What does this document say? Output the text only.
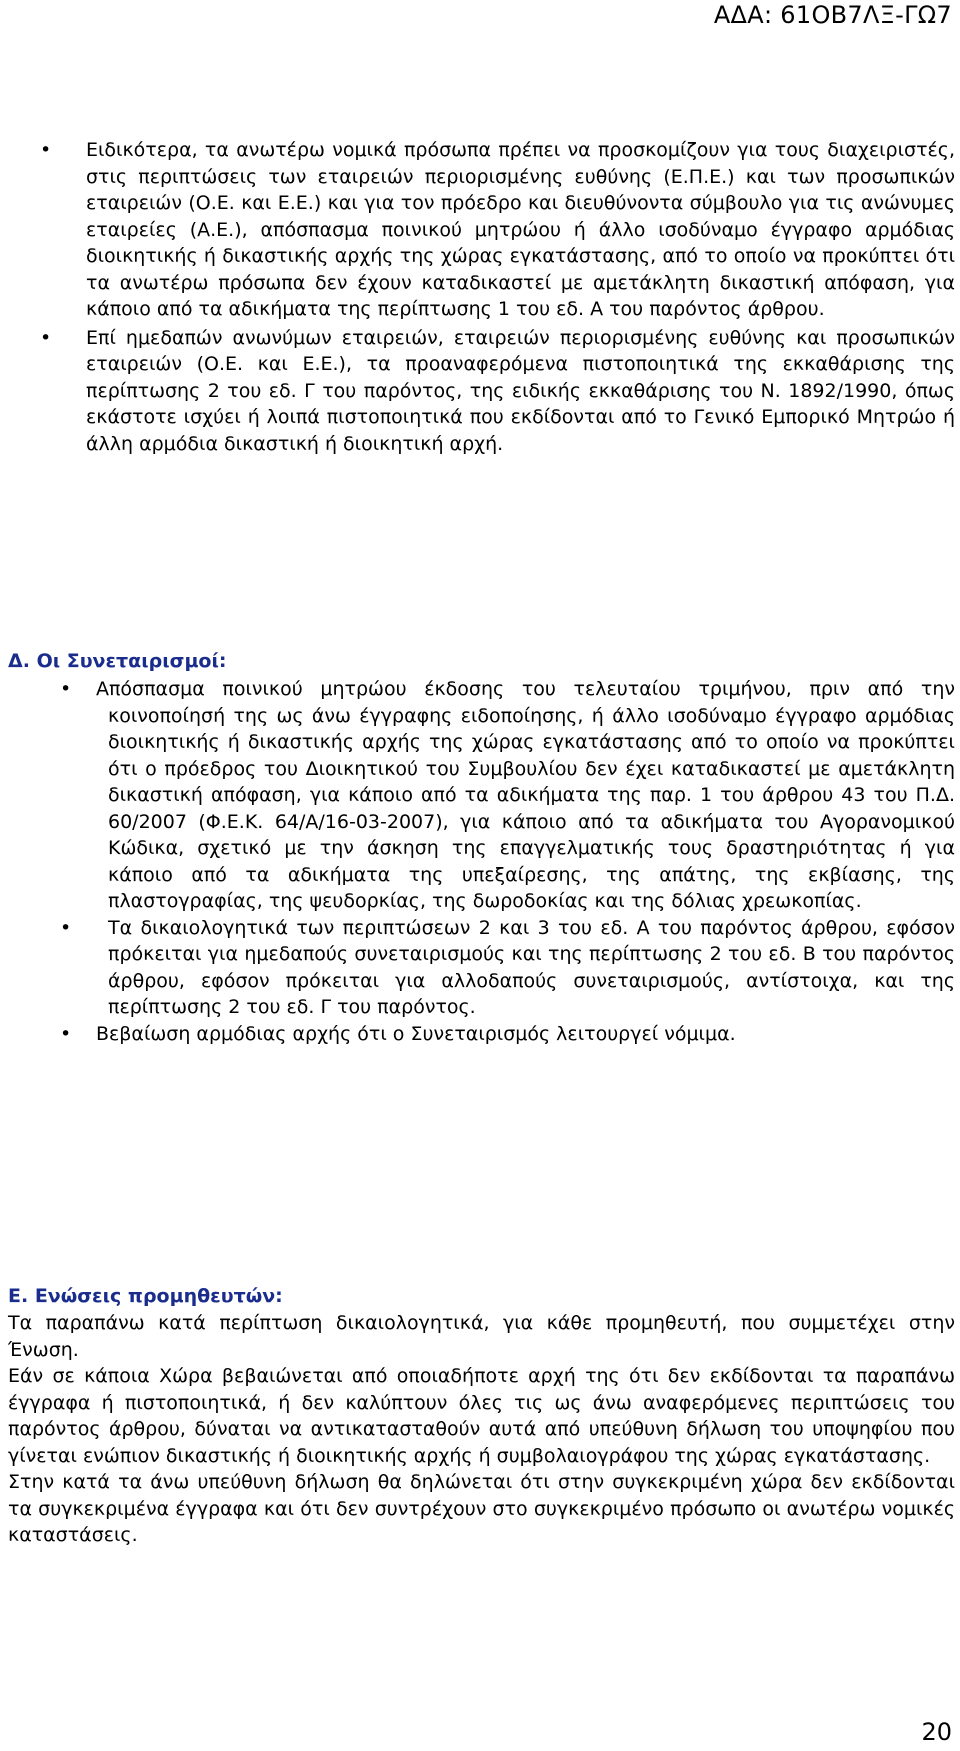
ΑΔΑ: 61ΟΒ7ΛΞ-ΓΩ7
• Ειδικότερα, τα ανωτέρω νομικά πρόσωπα πρέπει να προσκομίζουν για τους διαχειριστές, στις περιπτώσεις των εταιρειών περιορισμένης ευθύνης (Ε.Π.Ε.) και των προσωπικών εταιρειών (Ο.Ε. και Ε.Ε.) και για τον πρόεδρο και διευθύνοντα σύμβουλο για τις ανώνυμες εταιρείες (Α.Ε.), απόσπασμα ποινικού μητρώου ή άλλο ισοδύναμο έγγραφο αρμόδιας διοικητικής ή δικαστικής αρχής της χώρας εγκατάστασης, από το οποίο να προκύπτει ότι τα ανωτέρω πρόσωπα δεν έχουν καταδικαστεί με αμετάκλητη δικαστική απόφαση, για κάποιο από τα αδικήματα της περίπτωσης 1 του εδ. Α του παρόντος άρθρου.
• Επί ημεδαπών ανωνύμων εταιρειών, εταιρειών περιορισμένης ευθύνης και προσωπικών εταιρειών (Ο.Ε. και Ε.Ε.), τα προαναφερόμενα πιστοποιητικά της εκκαθάρισης της περίπτωσης 2 του εδ. Γ του παρόντος, της ειδικής εκκαθάρισης του Ν. 1892/1990, όπως εκάστοτε ισχύει ή λοιπά πιστοποιητικά που εκδίδονται από το Γενικό Εμπορικό Μητρώο ή άλλη αρμόδια δικαστική ή διοικητική αρχή.
Δ. Οι Συνεταιρισμοί:
• Απόσπασμα ποινικού μητρώου έκδοσης του τελευταίου τριμήνου, πριν από την κοινοποίησή της ως άνω έγγραφης ειδοποίησης, ή άλλο ισοδύναμο έγγραφο αρμόδιας διοικητικής ή δικαστικής αρχής της χώρας εγκατάστασης από το οποίο να προκύπτει ότι ο πρόεδρος του Διοικητικού του Συμβουλίου δεν έχει καταδικαστεί με αμετάκλητη δικαστική απόφαση, για κάποιο από τα αδικήματα της παρ. 1 του άρθρου 43 του Π.Δ. 60/2007 (Φ.Ε.Κ. 64/Α/16-03-2007), για κάποιο από τα αδικήματα του Αγορανομικού Κώδικα, σχετικό με την άσκηση της επαγγελματικής τους δραστηριότητας ή για κάποιο από τα αδικήματα της υπεξαίρεσης, της απάτης, της εκβίασης, της πλαστογραφίας, της ψευδορκίας, της δωροδοκίας και της δόλιας χρεωκοπίας.
• Τα δικαιολογητικά των περιπτώσεων 2 και 3 του εδ. Α του παρόντος άρθρου, εφόσον πρόκειται για ημεδαπούς συνεταιρισμούς και της περίπτωσης 2 του εδ. Β του παρόντος άρθρου, εφόσον πρόκειται για αλλοδαπούς συνεταιρισμούς, αντίστοιχα, και της περίπτωσης 2 του εδ. Γ του παρόντος.
• Βεβαίωση αρμόδιας αρχής ότι ο Συνεταιρισμός λειτουργεί νόμιμα.
Ε. Ενώσεις προμηθευτών:

Τα παραπάνω κατά περίπτωση δικαιολογητικά, για κάθε προμηθευτή, που συμμετέχει στην Ένωση.

Εάν σε κάποια Χώρα βεβαιώνεται από οποιαδήποτε αρχή της ότι δεν εκδίδονται τα παραπάνω έγγραφα ή πιστοποιητικά, ή δεν καλύπτουν όλες τις ως άνω αναφερόμενες περιπτώσεις του παρόντος άρθρου, δύναται να αντικατασταθούν αυτά από υπεύθυνη δήλωση του υποψηφίου που γίνεται ενώπιον δικαστικής ή διοικητικής αρχής ή συμβολαιογράφου της χώρας εγκατάστασης.

Στην κατά τα άνω υπεύθυνη δήλωση θα δηλώνεται ότι στην συγκεκριμένη χώρα δεν εκδίδονται τα συγκεκριμένα έγγραφα και ότι δεν συντρέχουν στο συγκεκριμένο πρόσωπο οι ανωτέρω νομικές καταστάσεις.

20
